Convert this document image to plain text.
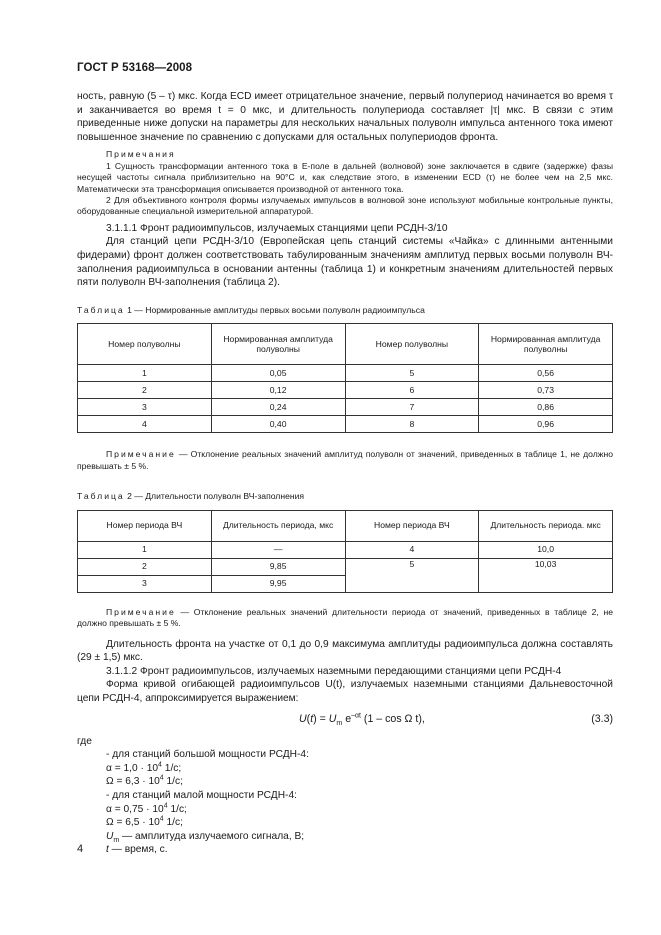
ГОСТ Р 53168—2008

ность, равную (5 – τ) мкс. Когда ECD имеет отрицательное значение, первый полупериод начинается во время τ и заканчивается во время t = 0 мкс, и длительность полупериода составляет |τ| мкс. В связи с этим приведенные ниже допуски на параметры для нескольких начальных полуволн импульса антенного тока имеют повышенное значение по сравнению с допусками для остальных полупериодов фронта.

Примечания

1 Сущность трансформации антенного тока в Е-поле в дальней (волновой) зоне заключается в сдвиге (задержке) фазы несущей частоты сигнала приблизительно на 90°С и, как следствие этого, в изменении ECD (τ) не более чем на 2,5 мкс. Математически эта трансформация описывается производной от антенного тока.

2 Для объективного контроля формы излучаемых импульсов в волновой зоне используют мобильные контрольные пункты, оборудованные специальной измерительной аппаратурой.

3.1.1.1 Фронт радиоимпульсов, излучаемых станциями цепи РСДН-3/10

Для станций цепи РСДН-3/10 (Европейская цепь станций системы «Чайка» с длинными антенными фидерами) фронт должен соответствовать табулированным значениям амплитуд первых восьми полуволн ВЧ-заполнения радиоимпульса в основании антенны (таблица 1) и конкретным значениям длительностей первых пяти полуволн ВЧ-заполнения (таблица 2).

Таблица 1 — Нормированные амплитуды первых восьми полуволн радиоимпульса
Номер полуволны	Нормированная амплитуда полуволны	Номер полуволны	Нормированная амплитуда полуволны
1	0,05	5	0,56
2	0,12	6	0,73
3	0,24	7	0,86
4	0,40	8	0,96

Примечание — Отклонение реальных значений амплитуд полуволн от значений, приведенных в таблице 1, не должно превышать ± 5 %.

Таблица 2 — Длительности полуволн ВЧ-заполнения
Номер периода ВЧ	Длительность периода, мкс	Номер периода ВЧ	Длительность периода. мкс
1	—	4	10,0
2	9,85	5	10,03
3	9,95		

Примечание — Отклонение реальных значений длительности периода от значений, приведенных в таблице 2, не должно превышать ± 5 %.

Длительность фронта на участке от 0,1 до 0,9 максимума амплитуды радиоимпульса должна составлять (29 ± 1,5) мкс.

3.1.1.2 Фронт радиоимпульсов, излучаемых наземными передающими станциями цепи РСДН-4

Форма кривой огибающей радиоимпульсов U(t), излучаемых наземными станциями Дальневосточной цепи РСДН-4, аппроксимируется выражением:

$U(t) = U_m$ $e^{-\alpha t}$ (1 – cos Ω t),	(3.3)

где

- для станций большой мощности РСДН-4:
$\alpha = 1,0 \cdot 10^4$ 1/с;
$\Omega = 6,3 \cdot 10^4$ 1/с;
- для станций малой мощности РСДН-4:
$\alpha = 0,75 \cdot 10^4$ 1/с;
$\Omega = 6,5 \cdot 10^4$ 1/с;
$U_m$ — амплитуда излучаемого сигнала, В;
t — время, с.
4
